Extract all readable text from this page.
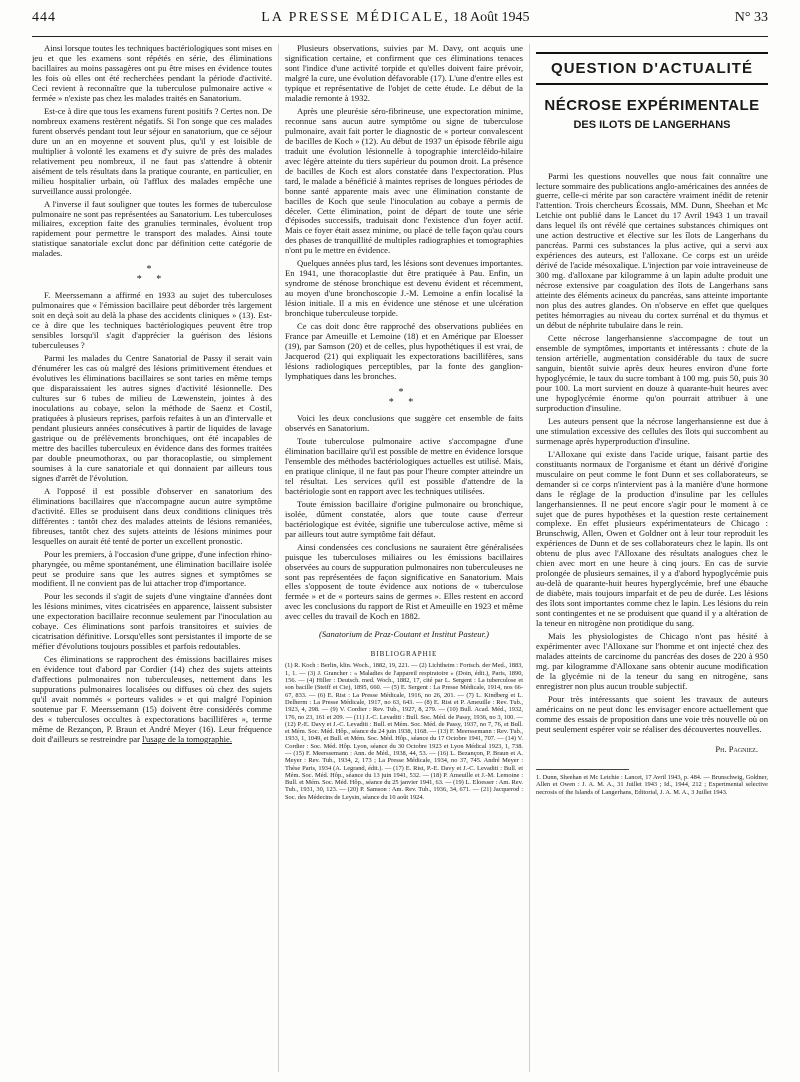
444	LA PRESSE MÉDICALE, 18 Août 1945	N° 33

Ainsi lorsque toutes les techniques bactériologiques sont mises en jeu et que les examens sont répétés en série, des éliminations bacillaires au moins passagères ont pu être mises en évidence toutes les fois où elles ont été recherchées pendant la période d'activité. Ceci revient à reconnaître que la tuberculose pulmonaire active « fermée » n'existe pas chez les malades traités en Sanatorium.

Est-ce à dire que tous les examens furent positifs ? Certes non. De nombreux examens restèrent négatifs. Si l'on songe que ces malades furent observés pendant tout leur séjour en sanatorium, que ce séjour dure un an en moyenne et souvent plus, qu'il y est loisible de multiplier à volonté les examens et d'y suivre de près des malades relativement peu nombreux, il ne faut pas s'attendre à obtenir aisément de tels résultats dans la pratique courante, en particulier, en milieu hospitalier urbain, où l'afflux des malades empêche une surveillance aussi prolongée.

A l'inverse il faut souligner que toutes les formes de tuberculose pulmonaire ne sont pas représentées au Sanatorium. Les tuberculoses miliaires, exception faite des granulies terminales, évoluent trop rapidement pour permettre le transport des malades. Ainsi toute statistique sanatoriale exclut donc par définition cette catégorie de malades.

*
* *

F. Meerssemann a affirmé en 1933 au sujet des tuberculoses pulmonaires que « l'émission bacillaire peut déborder très largement soit en deçà soit au delà la phase des accidents cliniques » (13). Est-ce à dire que les techniques bactériologiques peuvent être trop sensibles lorsqu'il s'agit d'apprécier la guérison des lésions tuberculeuses ?

Parmi les malades du Centre Sanatorial de Passy il serait vain d'énumérer les cas où malgré des lésions primitivement étendues et évolutives les éliminations bacillaires se sont taries en même temps que disparaissaient les autres signes d'activité lésionnelle. Des cultures sur 6 tubes de milieu de Lœwenstein, jointes à des inoculations au cobaye, selon la méthode de Saenz et Costil, pratiquées à plusieurs reprises, parfois refaites à un an d'intervalle et pendant plusieurs années consécutives à partir de liquides de lavage gastrique ou de prélèvements bronchiques, ont été incapables de mettre des bacilles tuberculeux en évidence dans des formes traitées par double pneumothorax, ou par thoracoplastie, ou simplement soumises à la cure sanatoriale et qui donnaient par ailleurs tous signes d'arrêt de l'évolution.

A l'opposé il est possible d'observer en sanatorium des éliminations bacillaires que n'accompagne aucun autre symptôme d'activité. Elles se produisent dans deux conditions cliniques très différentes : tantôt chez des malades atteints de lésions remaniées, fibreuses, tantôt chez des sujets atteints de lésions minimes pour lesquelles on aurait été tenté de porter un excellent pronostic.

Pour les premiers, à l'occasion d'une grippe, d'une infection rhino-pharyngée, ou même spontanément, une élimination bacillaire isolée peut se produire sans que les autres signes et symptômes se modifient. Il ne convient pas de lui attacher trop d'importance.

Pour les seconds il s'agit de sujets d'une vingtaine d'années dont les lésions minimes, vites cicatrisées en apparence, laissent subsister une expectoration bacillaire reconnue seulement par l'inoculation au cobaye. Ces éliminations sont parfois transitoires et suivies de cicatrisation définitive. Lorsqu'elles sont persistantes il importe de se méfier d'évolutions toujours possibles et parfois redoutables.

Ces éliminations se rapprochent des émissions bacillaires mises en évidence tout d'abord par Cordier (14) chez des sujets atteints d'affections pulmonaires non tuberculeuses, nettement dans les suppurations pulmonaires localisées ou diffuses où chez des sujets qu'il avait nommés « porteurs valides » et qui malgré l'opinion soutenue par F. Meerssemann (15) doivent être considérés comme des « tuberculoses occultes à expectorations bacillifères », terme même de Rezançon, P. Braun et André Meyer (16). Leur fréquence doit d'ailleurs se restreindre par l'usage de la tomographie.

Plusieurs observations, suivies par M. Davy, ont acquis une signification certaine, et confirment que ces éliminations tenaces sont l'indice d'une activité torpide et qu'elles doivent faire prévoir, malgré la cure, une évolution défavorable (17). L'une d'entre elles est typique et représentative de l'objet de cette étude. Le début de la maladie remonte à 1932.

Après une pleurésie séro-fibrineuse, une expectoration minime, reconnue sans aucun autre symptôme ou signe de tuberculose pulmonaire, avait fait porter le diagnostic de « porteur convalescent de bacilles de Koch » (12). Au début de 1937 un épisode fébrile aigu traduit une évolution lésionnelle à topographie intercléido-hilaire avec légère atteinte du tiers supérieur du poumon droit. La présence de bacilles de Koch est alors constatée dans l'expectoration. Plus tard, le malade a bénéficié à maintes reprises de longues périodes de bonne santé apparente mais avec une élimination constante de bacilles de Koch que seule l'inoculation au cobaye a permis de déceler. Cette élimination, point de départ de toute une série d'épisodes successifs, traduisait donc l'existence d'un foyer actif. Mais ce foyer était assez minime, ou placé de telle façon qu'au cours des phases de tranquillité de multiples radiographies et tomographies n'ont pu le mettre en évidence.

Quelques années plus tard, les lésions sont devenues importantes. En 1941, une thoracoplastie dut être pratiquée à Pau. Enfin, un syndrome de sténose bronchique est devenu évident et récemment, au moyen d'une bronchoscopie J.-M. Lemoine a enfin localisé la lésion initiale. Il a mis en évidence une sténose et une ulcération bronchique tuberculeuse torpide.

Ce cas doit donc être rapproché des observations publiées en France par Ameuille et Lemoine (18) et en Amérique par Eloesser (19), par Samson (20) et de celles, plus hypothétiques il est vrai, de Jacquerod (21) qui expliquait les expectorations bacillifères, sans lésions radiologiques perceptibles, par la fonte des ganglion-lymphatiques dans les bronches.

*
* *

Voici les deux conclusions que suggère cet ensemble de faits observés en Sanatorium.

Toute tuberculose pulmonaire active s'accompagne d'une élimination bacillaire qu'il est possible de mettre en évidence lorsque l'ensemble des méthodes bactériologiques actuelles est utilisé. Mais, en pratique clinique, il ne faut pas pour l'heure compter atteindre un tel résultat. Les services qu'il est possible d'attendre de la bactériologie sont en rapport avec les techniques utilisées.

Toute émission bacillaire d'origine pulmonaire ou bronchique, isolée, dûment constatée, alors que toute cause d'erreur bactériologique est évitée, signifie une tuberculose active, même si par ailleurs tout autre symptôme fait défaut.

Ainsi condensées ces conclusions ne sauraient être généralisées puisque les tuberculoses miliaires ou les émissions bacillaires observées au cours de suppuration pulmonaires non tuberculeuses ne sont pas représentées de façon significative en Sanatorium. Mais elles s'opposent de toute évidence aux notions de « tuberculose fermée » et de « porteurs sains de germes ». Elles restent en accord avec les conclusions du rapport de Rist et Ameuille en 1923 et même avec celles du travail de Koch en 1882.

(Sanatorium de Praz-Coutant et Institut Pasteur.)

BIBLIOGRAPHIE
(1) R. Koch : Berlin, klin. Woch., 1882, 19, 221. — (2) Lichtheim : Fortsch. der Med., 1883, 1, 1. — (3) J. Grancher : « Maladies de l'appareil respiratoire » (Doin, édit.), Paris, 1890, 156. — (4) Hiller : Deutsch. med. Woch., 1882, 17, cité par L. Sergent : La tuberculose et son bacille (Steiff et Cie), 1895, 660. — (5) E. Sergent : La Presse Médicale, 1914, nos 66-67, 833. — (6) E. Rist : La Presse Médicale, 1916, no 26, 201. — (7) L. Kindberg et L. Delherm : La Presse Médicale, 1917, no 63, 643. — (8) E. Rist et P. Ameuille : Rev. Tub., 1923, 4, 298. — (9) V. Cordier : Rev. Tub., 1927, 8, 279. — (10) Bull. Acad. Méd., 1932, 176, no 23, 161 et 209. — (11) J.-C. Levaditi : Bull. Soc. Méd. de Passy, 1936, no 3, 100. — (12) P.-E. Davy et J.-C. Levaditi : Bull. et Mém. Soc. Méd. de Passy, 1937, no 7, 76, et Bull. et Mém. Soc. Méd. Hôp., séance du 24 juin 1938, 1168. — (13) F. Meerssemann : Rev. Tub., 1933, 1, 1049, et Bull. et Mém. Soc. Méd. Hôp., séance du 17 Octobre 1941, 707. — (14) V. Cordier : Soc. Méd. Hôp. Lyon, séance du 30 Octobre 1923 et Lyon Médical 1923, 1, 738. — (15) F. Meerssemann : Ann. de Méd., 1938, 44, 53. — (16) L. Bezançon, P. Braun et A. Meyer : Rev. Tub., 1934, 2, 173 ; La Presse Médicale, 1934, no 37, 745. André Meyer : Thèse Paris, 1934 (A. Legrand, édit.). — (17) E. Rist, P.-E. Davy et J.-C. Levaditi : Bull. et Mém. Soc. Méd. Hôp., séance du 13 juin 1941, 532. — (18) P. Ameuille et J.-M. Lemoine : Bull. et Mém. Soc. Méd. Hôp., séance du 25 janvier 1941, 63. — (19) L. Eloesser : Am. Rev. Tub., 1931, 30, 123. — (20) P. Samson : Am. Rev. Tub., 1936, 34, 671. — (21) Jacquerod : Soc. des Médecins de Leysin, séance du 10 août 1924.
QUESTION D'ACTUALITÉ
NÉCROSE EXPÉRIMENTALE
DES ILOTS DE LANGERHANS

Parmi les questions nouvelles que nous fait connaître une lecture sommaire des publications anglo-américaines des années de guerre, celle-ci mérite par son caractère vraiment inédit de retenir l'attention. Trois chercheurs Écossais, MM. Dunn, Sheehan et Mc Letchie ont publié dans le Lancet du 17 Avril 1943 1 un travail dans lequel ils ont révélé que certaines substances chimiques ont une action destructive et élective sur les îlots de Langerhans du pancréas. Parmi ces substances la plus active, qui a servi aux expériences des auteurs, est l'alloxane. Ce corps est un uréide dérivé de l'acide mésoxalique. L'injection par voie intraveineuse de 300 mg. d'alloxane par kilogramme à un lapin adulte produit une nécrose extensive par coagulation des îlots de Langerhans sans atteinte des éléments acineux du pancréas, sans atteinte importante non plus des autres glandes. On n'observe en effet que quelques petites hémorragies au niveau du cortex surrénal et du thymus et un début de néphrite tubulaire dans le rein.

Cette nécrose langerhansienne s'accompagne de tout un ensemble de symptômes, importants et intéressants : chute de la tension artérielle, augmentation considérable du taux de sucre sanguin, bientôt suivie après deux heures environ d'une forte hypoglycémie, le taux du sucre tombant à 100 mg. puis 50, puis 30 pour 100. La mort survient en douze à quarante-huit heures avec une hypoglycémie énorme qu'on pourrait attribuer à une surproduction d'insuline.

Les auteurs pensent que la nécrose langerhansienne est due à une stimulation excessive des cellules des îlots qui succombent au surmenage après hyperproduction d'insuline.

L'Alloxane qui existe dans l'acide urique, faisant partie des constituants normaux de l'organisme et étant un dérivé d'origine musculaire on peut comme le font Dunn et ses collaborateurs, se demander si ce corps n'intervient pas à la manière d'une hormone dans le réglage de la production d'insuline par les cellules langerhansiennes. Il ne peut encore s'agir pour le moment à ce sujet que de pures hypothèses et la question reste certainement complexe. En effet plusieurs expérimentateurs de Chicago : Brunschwig, Allen, Owen et Goldner ont à leur tour reproduit les expériences de Dunn et de ses collaborateurs chez le lapin. Ils ont obtenu de plus avec l'Alloxane des résultats analogues chez le chien avec mort en une heure à cinq jours. En cas de survie prolongée de plusieurs semaines, il y a d'abord hypoglycémie puis au-delà de quarante-huit heures hyperglycémie, bref une ébauche de diabète, mais toujours imparfait et de peu de durée. Les lésions des îlots sont importantes comme chez le lapin. Les lésions du rein sont contingentes et ne se produisent que quand il y a altération de la teneur en nitrogène non protidique du sang.

Mais les physiologistes de Chicago n'ont pas hésité à expérimenter avec l'Alloxane sur l'homme et ont injecté chez des malades atteints de carcinome du pancréas des doses de 220 à 950 mg. par kilogramme d'Alloxane sans obtenir aucune modification de la glycémie ni de la teneur du sang en nitrogène, sans enregistrer non plus aucun trouble subjectif.

Pour très intéressants que soient les travaux de auteurs américains on ne peut donc les envisager encore actuellement que comme des essais de proposition dans une voie très nouvelle où on peut seulement espérer voir se réaliser des découvertes nouvelles.

Ph. Pagniez.
1. Dunn, Sheehan et Mc Letchie : Lancet, 17 Avril 1943, p. 484. — Brunschwig, Goldner, Allen et Owen : J. A. M. A., 31 Juillet 1943 ; Id., 1944, 212 ; Experimental selective necrosis of the Islands of Langerhans, Editorial, J. A. M. A., 3 Juillet 1943.
